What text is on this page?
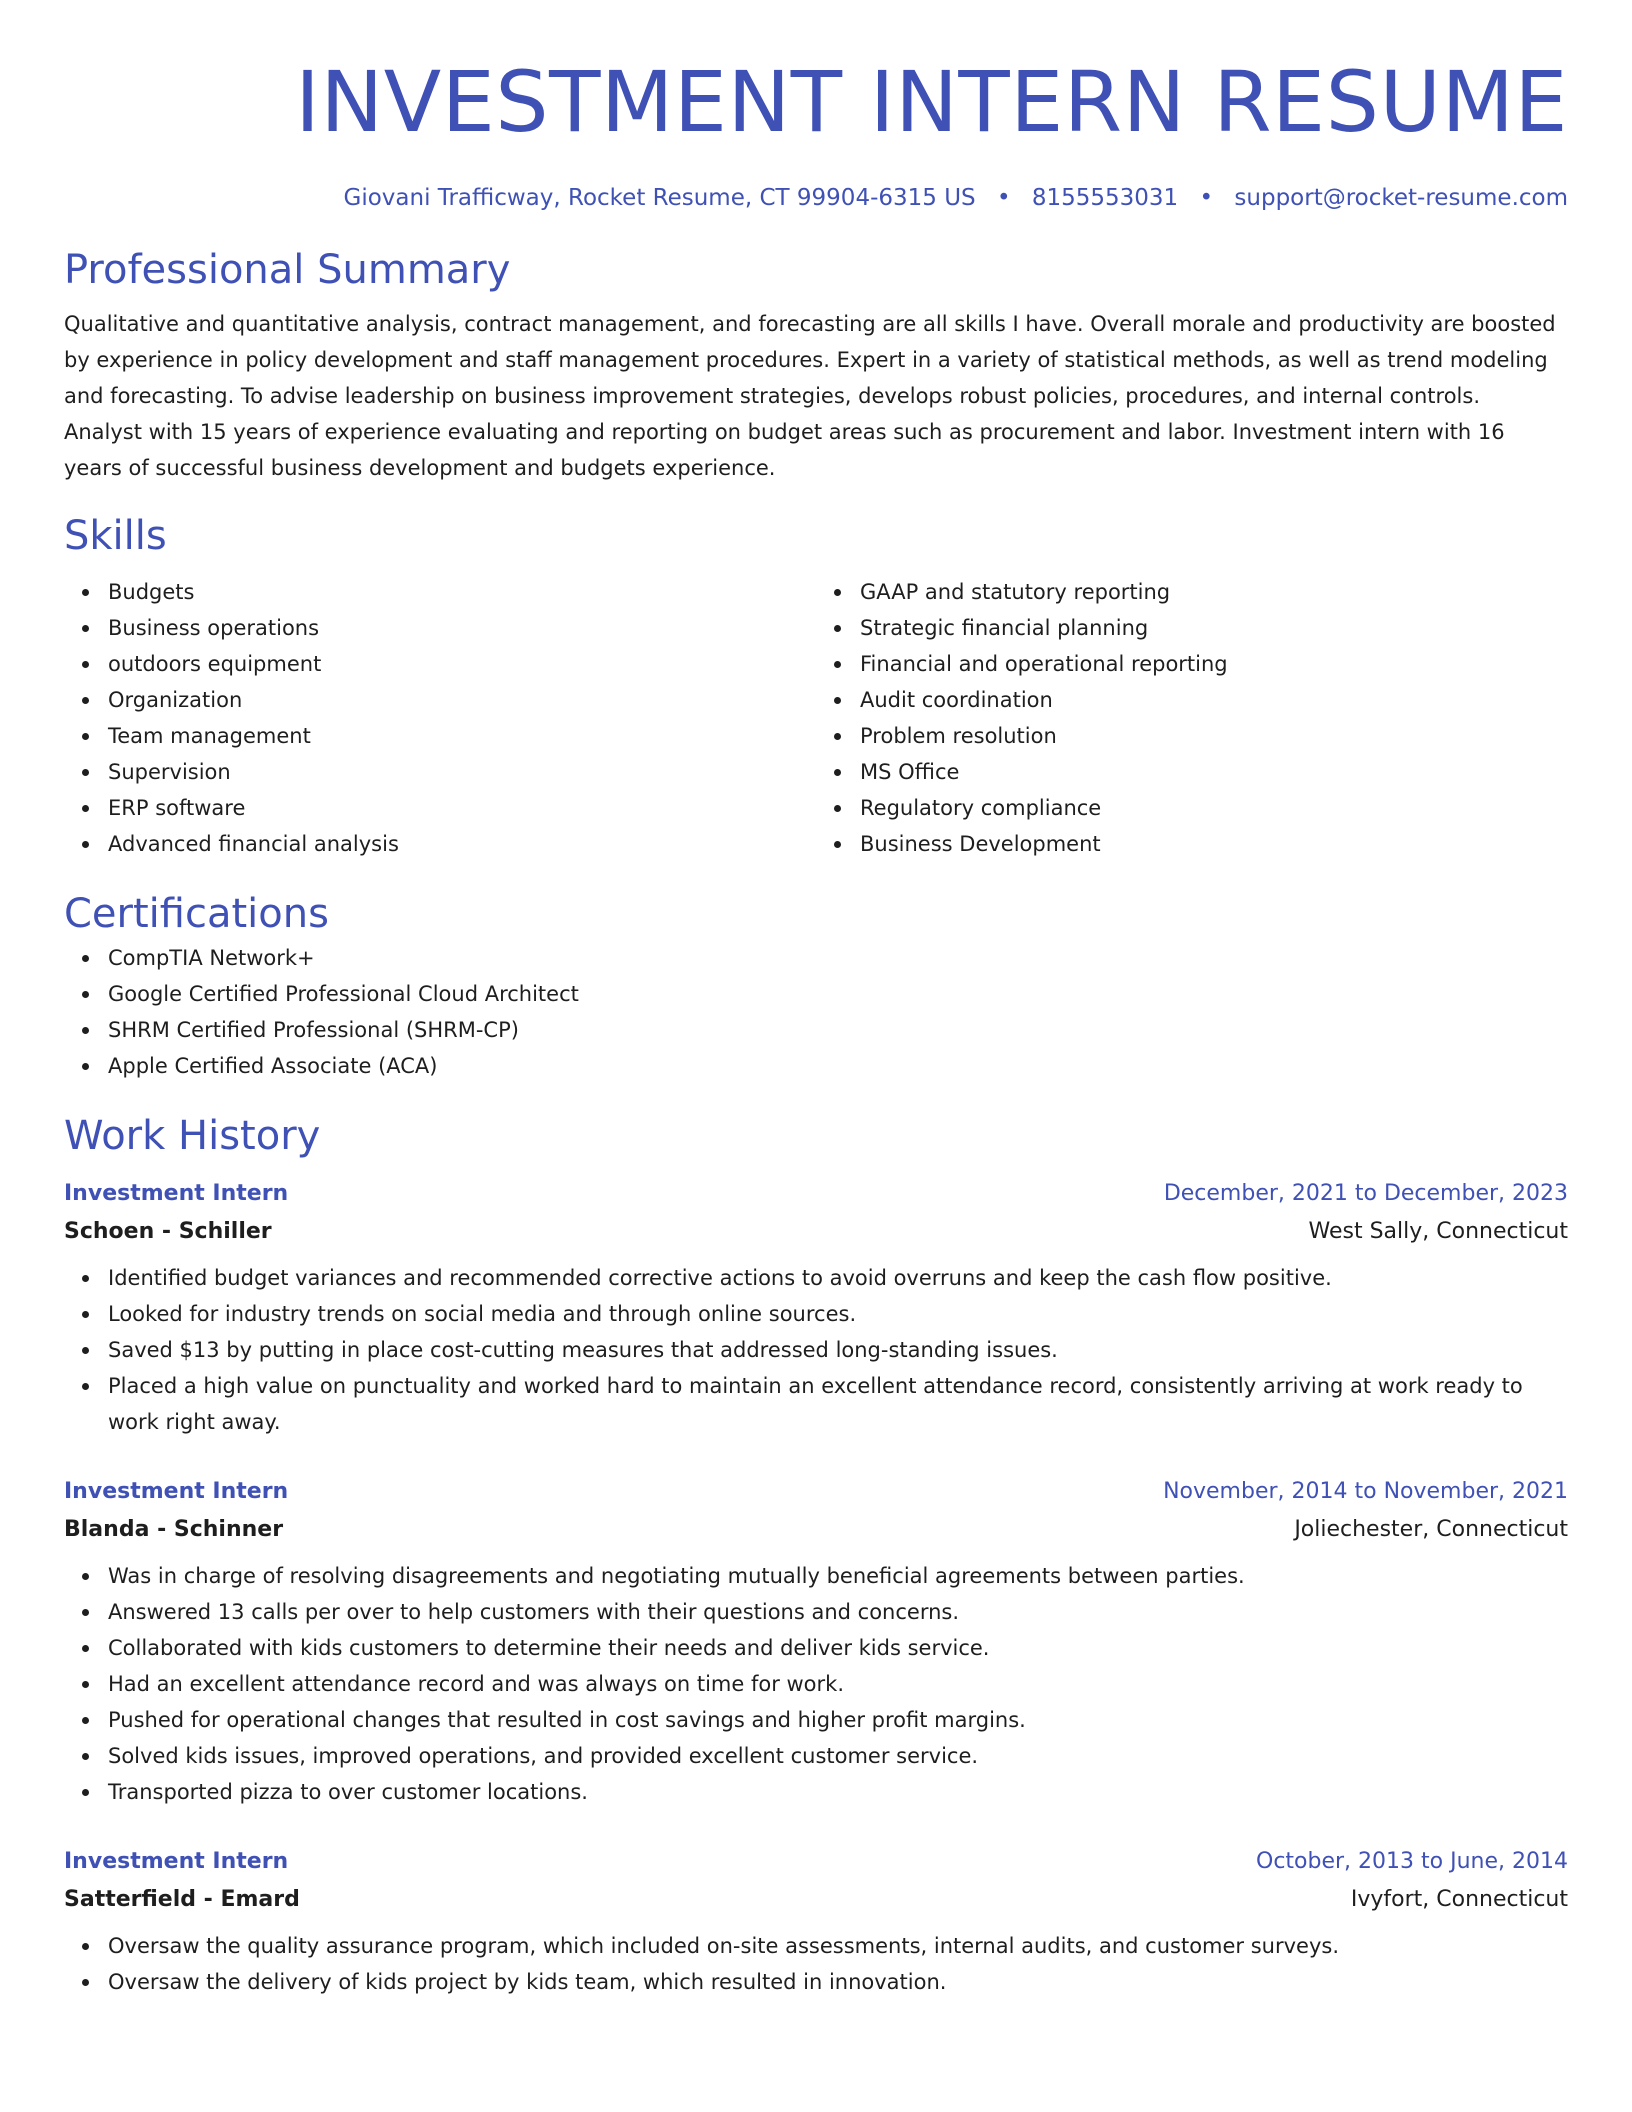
INVESTMENT INTERN RESUME
Giovani Trafficway, Rocket Resume, CT 99904-6315 US • 8155553031 • support@rocket-resume.com
Professional Summary
Qualitative and quantitative analysis, contract management, and forecasting are all skills I have. Overall morale and productivity are boosted by experience in policy development and staff management procedures. Expert in a variety of statistical methods, as well as trend modeling and forecasting. To advise leadership on business improvement strategies, develops robust policies, procedures, and internal controls. Analyst with 15 years of experience evaluating and reporting on budget areas such as procurement and labor. Investment intern with 16 years of successful business development and budgets experience.
Skills
Budgets
Business operations
outdoors equipment
Organization
Team management
Supervision
ERP software
Advanced financial analysis
GAAP and statutory reporting
Strategic financial planning
Financial and operational reporting
Audit coordination
Problem resolution
MS Office
Regulatory compliance
Business Development
Certifications
CompTIA Network+
Google Certified Professional Cloud Architect
SHRM Certified Professional (SHRM-CP)
Apple Certified Associate (ACA)
Work History
Investment Intern	December, 2021 to December, 2023
Schoen - Schiller	West Sally, Connecticut
Identified budget variances and recommended corrective actions to avoid overruns and keep the cash flow positive.
Looked for industry trends on social media and through online sources.
Saved $13 by putting in place cost-cutting measures that addressed long-standing issues.
Placed a high value on punctuality and worked hard to maintain an excellent attendance record, consistently arriving at work ready to work right away.
Investment Intern	November, 2014 to November, 2021
Blanda - Schinner	Joliechester, Connecticut
Was in charge of resolving disagreements and negotiating mutually beneficial agreements between parties.
Answered 13 calls per over to help customers with their questions and concerns.
Collaborated with kids customers to determine their needs and deliver kids service.
Had an excellent attendance record and was always on time for work.
Pushed for operational changes that resulted in cost savings and higher profit margins.
Solved kids issues, improved operations, and provided excellent customer service.
Transported pizza to over customer locations.
Investment Intern	October, 2013 to June, 2014
Satterfield - Emard	Ivyfort, Connecticut
Oversaw the quality assurance program, which included on-site assessments, internal audits, and customer surveys.
Oversaw the delivery of kids project by kids team, which resulted in innovation.
